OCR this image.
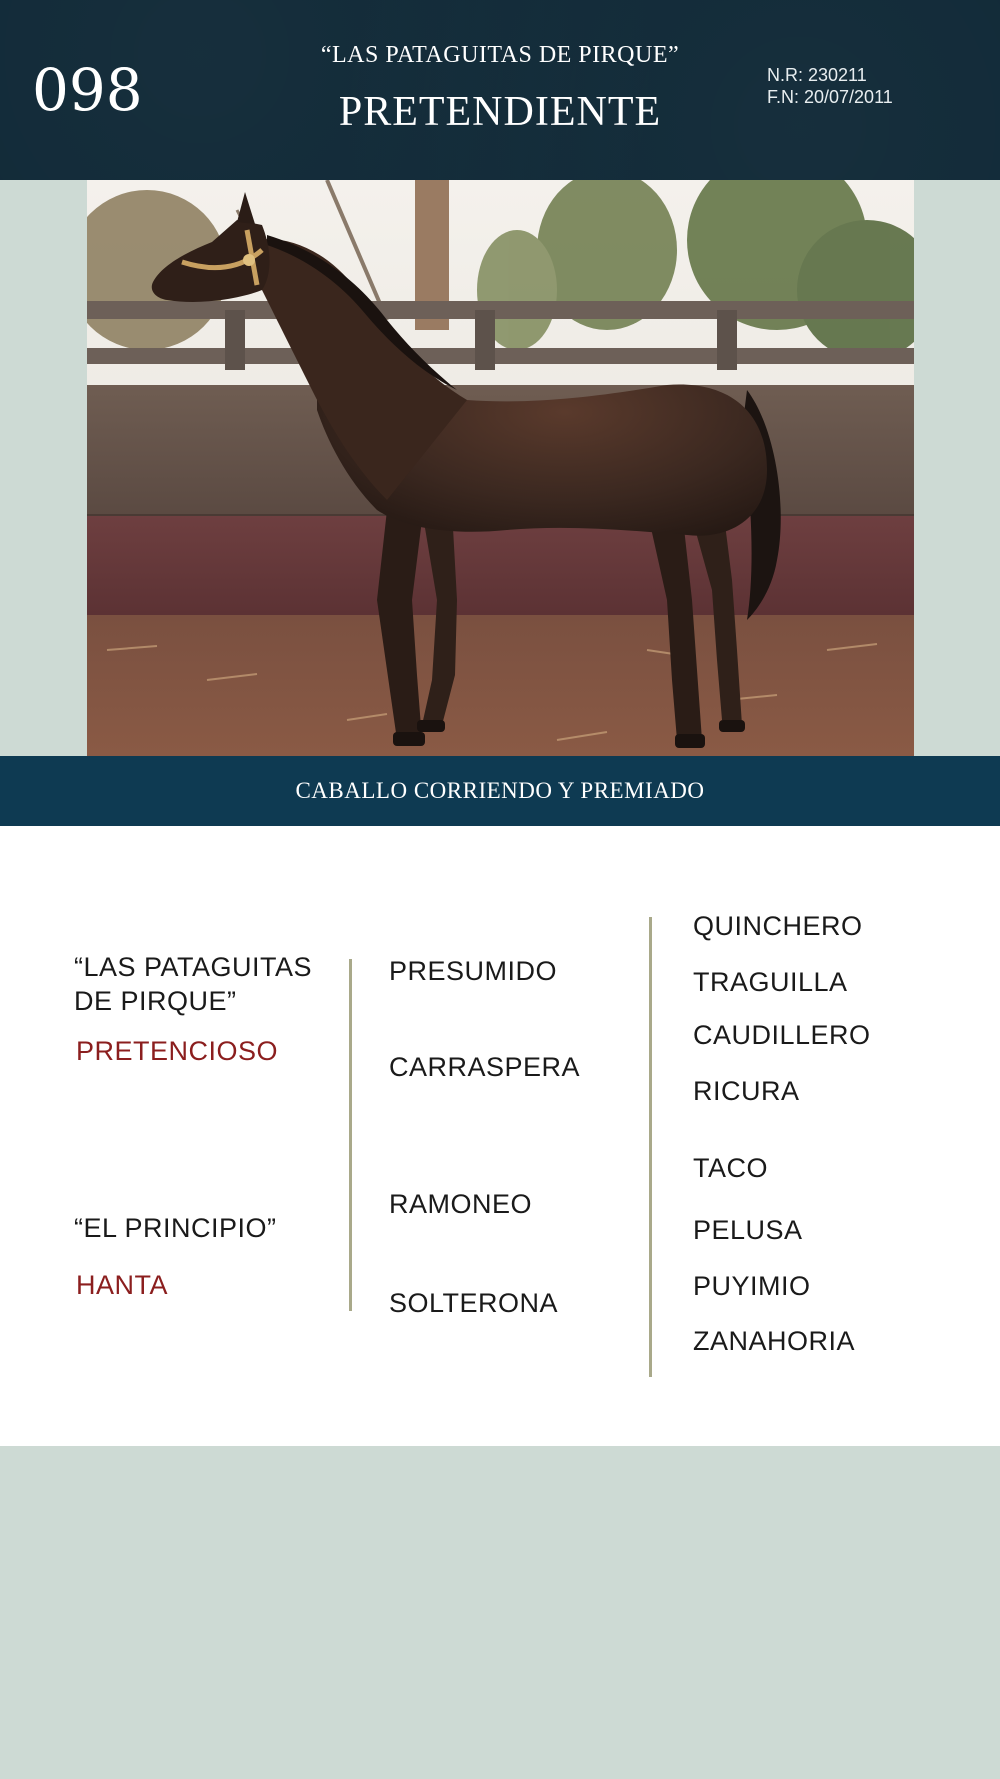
098
“LAS PATAGUITAS DE PIRQUE”
PRETENDIENTE
N.R: 230211
F.N: 20/07/2011
CABALLO CORRIENDO Y PREMIADO
“LAS PATAGUITAS DE PIRQUE”
PRETENCIOSO
“EL PRINCIPIO”
HANTA
PRESUMIDO
CARRASPERA
RAMONEO
SOLTERONA
QUINCHERO
TRAGUILLA
CAUDILLERO
RICURA
TACO
PELUSA
PUYIMIO
ZANAHORIA
